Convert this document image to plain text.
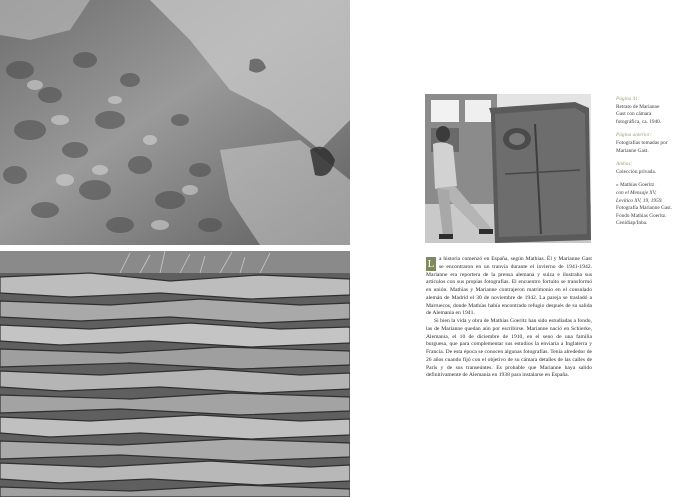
Página 41:
Retrato de Marianne
Gast con cámara
fotográfica, ca. 1940.
Página anterior:
Fotografías tomadas por
Marianne Gast.
Ambas:
Colección privada.
» Mathías Goeritz
con el Mensaje XV,
Levítico XV, 19, 1959.
Fotografía Marianne Gast.
Fondo Mathias Goeritz.
Cenidiap/Inba.

L a historia comenzó en España, según Mathías. Él y Marianne Gast se encontraron en un tranvía durante el invierno de 1941-1942. Marianne era reportera de la prensa alemana y suiza e ilustraba sus artículos con sus propias fotografías. El encuentro fortuito se transformó en unión. Mathías y Marianne contrajeron matrimonio en el consulado alemán de Madrid el 30 de noviembre de 1942. La pareja se trasladó a Marruecos, donde Mathías había encontrado refugio después de su salida de Alemania en 1941.

Si bien la vida y obra de Mathías Goeritz han sido estudiadas a fondo, las de Marianne quedan aún por escribirse. Marianne nació en Schierke, Alemania, el 10 de diciembre de 1910, en el seno de una familia burguesa, que para complementar sus estudios la enviaría a Inglaterra y Francia. De esta época se conocen algunas fotografías. Tenía alrededor de 26 años cuando fijó con el objetivo de su cámara detalles de las calles de París y de sus transeúntes. Es probable que Marianne haya salido definitivamente de Alemania en 1938 para instalarse en España.
